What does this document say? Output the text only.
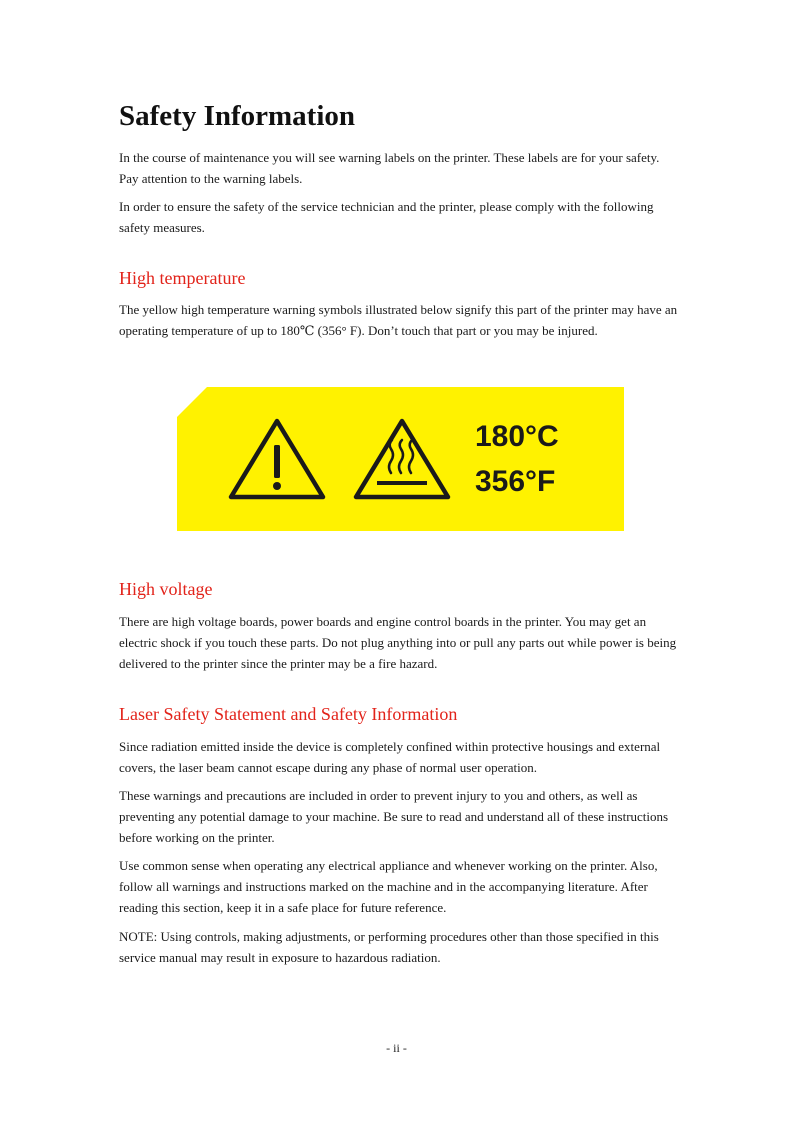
Safety Information

In the course of maintenance you will see warning labels on the printer. These labels are for your safety. Pay attention to the warning labels.

In order to ensure the safety of the service technician and the printer, please comply with the following safety measures.

High temperature

The yellow high temperature warning symbols illustrated below signify this part of the printer may have an operating temperature of up to 180℃ (356° F). Don’t touch that part or you may be injured.

180°C
356°F
High voltage

There are high voltage boards, power boards and engine control boards in the printer. You may get an electric shock if you touch these parts. Do not plug anything into or pull any parts out while power is being delivered to the printer since the printer may be a fire hazard.

Laser Safety Statement and Safety Information

Since radiation emitted inside the device is completely confined within protective housings and external covers, the laser beam cannot escape during any phase of normal user operation.

These warnings and precautions are included in order to prevent injury to you and others, as well as preventing any potential damage to your machine. Be sure to read and understand all of these instructions before working on the printer.

Use common sense when operating any electrical appliance and whenever working on the printer. Also, follow all warnings and instructions marked on the machine and in the accompanying literature. After reading this section, keep it in a safe place for future reference.

NOTE: Using controls, making adjustments, or performing procedures other than those specified in this service manual may result in exposure to hazardous radiation.

- ii -
